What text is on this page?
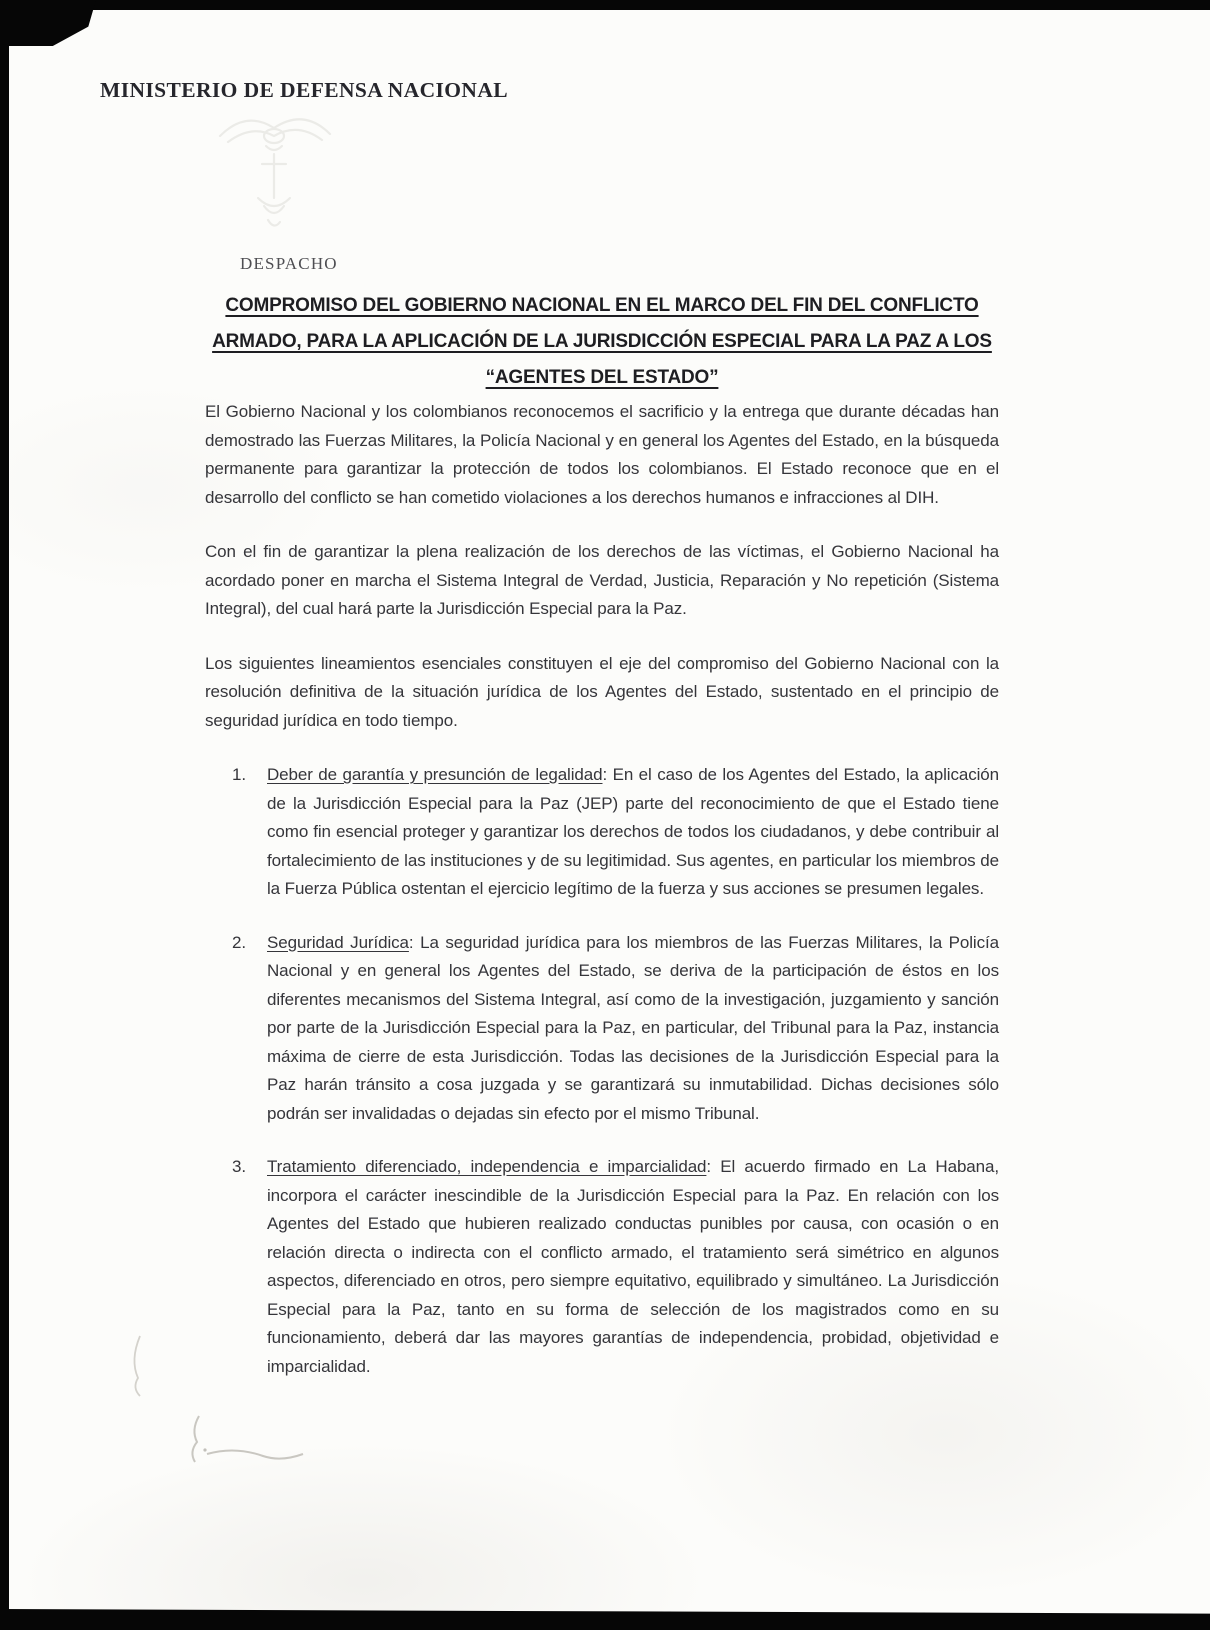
MINISTERIO DE DEFENSA NACIONAL
DESPACHO
COMPROMISO DEL GOBIERNO NACIONAL EN EL MARCO DEL FIN DEL CONFLICTO ARMADO, PARA LA APLICACIÓN DE LA JURISDICCIÓN ESPECIAL PARA LA PAZ A LOS “AGENTES DEL ESTADO”

El Gobierno Nacional y los colombianos reconocemos el sacrificio y la entrega que durante décadas han demostrado las Fuerzas Militares, la Policía Nacional y en general los Agentes del Estado, en la búsqueda permanente para garantizar la protección de todos los colombianos. El Estado reconoce que en el desarrollo del conflicto se han cometido violaciones a los derechos humanos e infracciones al DIH.

Con el fin de garantizar la plena realización de los derechos de las víctimas, el Gobierno Nacional ha acordado poner en marcha el Sistema Integral de Verdad, Justicia, Reparación y No repetición (Sistema Integral), del cual hará parte la Jurisdicción Especial para la Paz.

Los siguientes lineamientos esenciales constituyen el eje del compromiso del Gobierno Nacional con la resolución definitiva de la situación jurídica de los Agentes del Estado, sustentado en el principio de seguridad jurídica en todo tiempo.

1.	Deber de garantía y presunción de legalidad: En el caso de los Agentes del Estado, la aplicación de la Jurisdicción Especial para la Paz (JEP) parte del reconocimiento de que el Estado tiene como fin esencial proteger y garantizar los derechos de todos los ciudadanos, y debe contribuir al fortalecimiento de las instituciones y de su legitimidad. Sus agentes, en particular los miembros de la Fuerza Pública ostentan el ejercicio legítimo de la fuerza y sus acciones se presumen legales.
2.	Seguridad Jurídica: La seguridad jurídica para los miembros de las Fuerzas Militares, la Policía Nacional y en general los Agentes del Estado, se deriva de la participación de éstos en los diferentes mecanismos del Sistema Integral, así como de la investigación, juzgamiento y sanción por parte de la Jurisdicción Especial para la Paz, en particular, del Tribunal para la Paz, instancia máxima de cierre de esta Jurisdicción. Todas las decisiones de la Jurisdicción Especial para la Paz harán tránsito a cosa juzgada y se garantizará su inmutabilidad. Dichas decisiones sólo podrán ser invalidadas o dejadas sin efecto por el mismo Tribunal.
3.	Tratamiento diferenciado, independencia e imparcialidad: El acuerdo firmado en La Habana, incorpora el carácter inescindible de la Jurisdicción Especial para la Paz. En relación con los Agentes del Estado que hubieren realizado conductas punibles por causa, con ocasión o en relación directa o indirecta con el conflicto armado, el tratamiento será simétrico en algunos aspectos, diferenciado en otros, pero siempre equitativo, equilibrado y simultáneo. La Jurisdicción Especial para la Paz, tanto en su forma de selección de los magistrados como en su funcionamiento, deberá dar las mayores garantías de independencia, probidad, objetividad e imparcialidad.
